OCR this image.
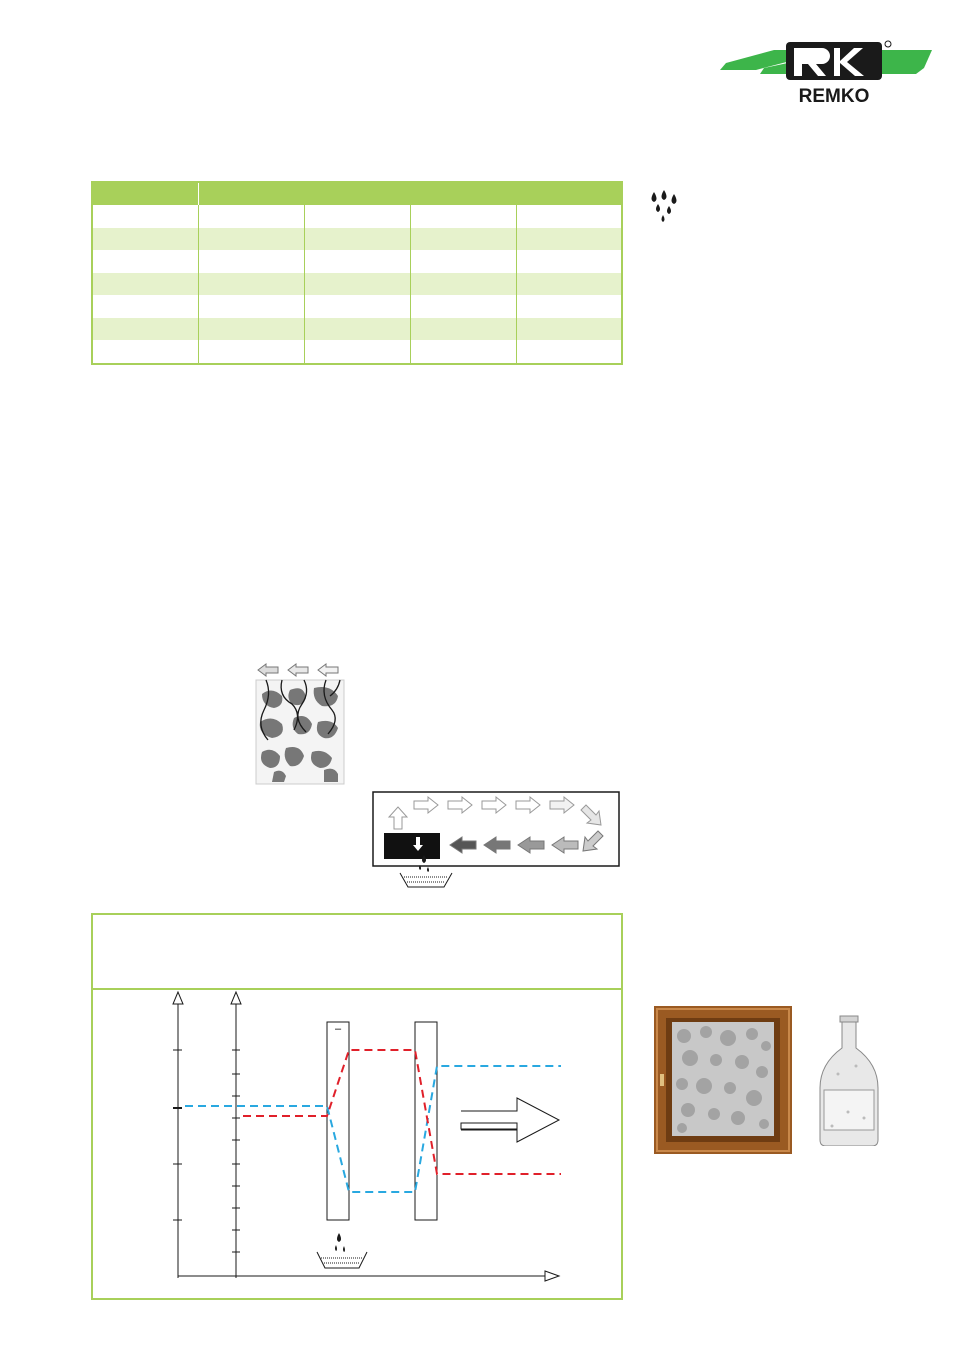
REMKO

–
